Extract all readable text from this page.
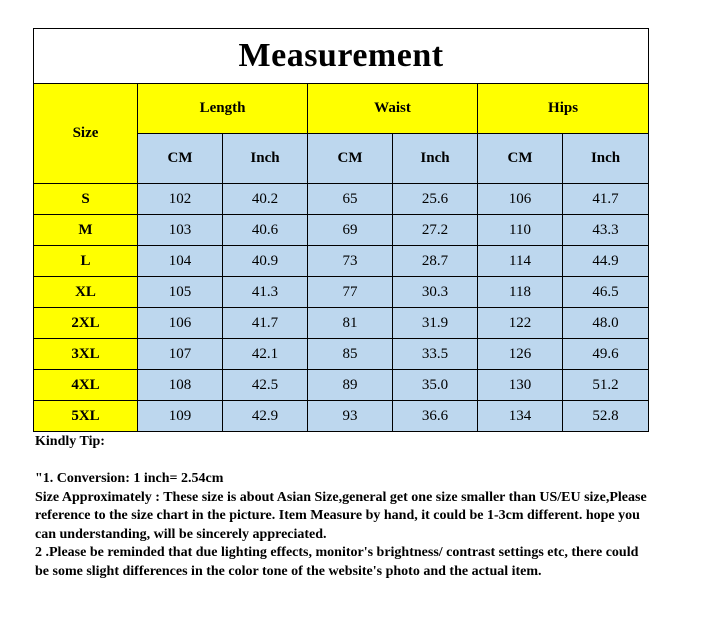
Measurement						
Size	Length		Waist		Hips	
	CM	Inch	CM	Inch	CM	Inch
S	102	40.2	65	25.6	106	41.7
M	103	40.6	69	27.2	110	43.3
L	104	40.9	73	28.7	114	44.9
XL	105	41.3	77	30.3	118	46.5
2XL	106	41.7	81	31.9	122	48.0
3XL	107	42.1	85	33.5	126	49.6
4XL	108	42.5	89	35.0	130	51.2
5XL	109	42.9	93	36.6	134	52.8

Kindly Tip:

"1. Conversion: 1 inch= 2.54cm

Size Approximately : These size is about Asian Size,general get one size smaller than US/EU size,Please reference to the size chart in the picture. Item Measure by hand, it could be 1-3cm different. hope you can understanding, will be sincerely appreciated.

2 .Please be reminded that due lighting effects, monitor's brightness/ contrast settings etc, there could be some slight differences in the color tone of the website's photo and the actual item.
